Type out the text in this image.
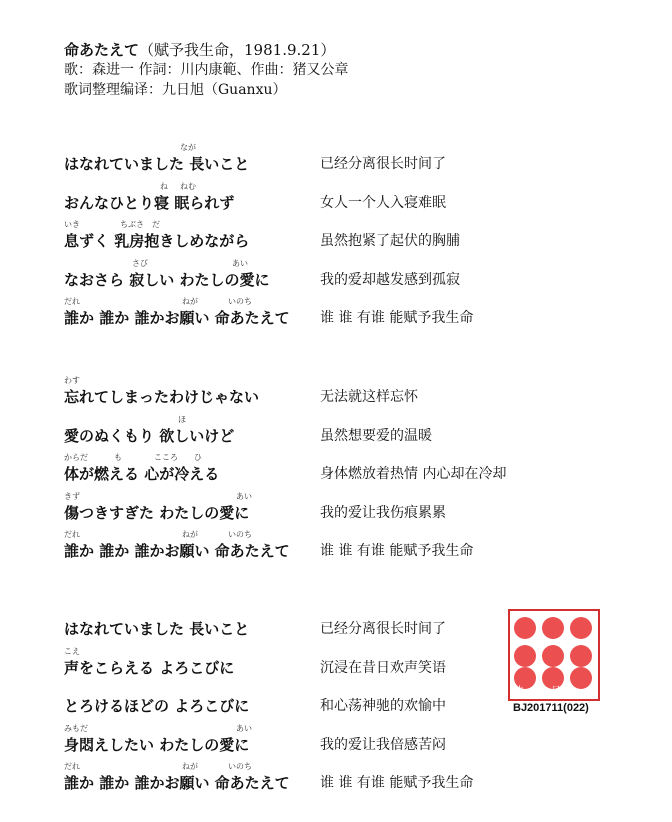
命あたえて（赋予我生命，1981.9.21）
歌：森进一 作詞：川内康範、作曲：猪又公章
歌词整理编译：九日旭（Guanxu）
なが
はなれていました 長いこと	已经分离很长时间了
ね ねむ
おんなひとり寝 眠られず	女人一个人入寝难眠
いき	ちぶさ だ
息ずく 乳房抱きしめながら	虽然抱紧了起伏的胸脯
さび	あい
なおさら 寂しい わたしの愛に	我的爱却越发感到孤寂
だれ	ねが	いのち
誰か 誰か 誰かお願い 命あたえて 谁 谁 有谁 能赋予我生命
わす
忘れてしまったわけじゃない	无法就这样忘怀
ほ
愛のぬくもり 欲しいけど	虽然想要爱的温暖
からだ	も	こころ ひ
体が燃える 心が冷える	身体燃放着热情 内心却在冷却
きず	あい
傷つきすぎた わたしの愛に	我的爱让我伤痕累累
だれ	ねが	いのち
誰か 誰か 誰かお願い 命あたえて 谁 谁 有谁 能赋予我生命
はなれていました 長いこと	已经分离很长时间了
こえ
声をこらえる よろこびに	沉浸在昔日欢声笑语
とろけるほどの よろこびに	和心荡神驰的欢愉中
みもだ	あい
身悶えしたい わたしの愛に	我的爱让我倍感苦闷
だれ	ねが	いのち
誰か 誰か 誰かお願い 命あたえて 谁 谁 有谁 能赋予我生命
九	日	光
BJ201711(022)
